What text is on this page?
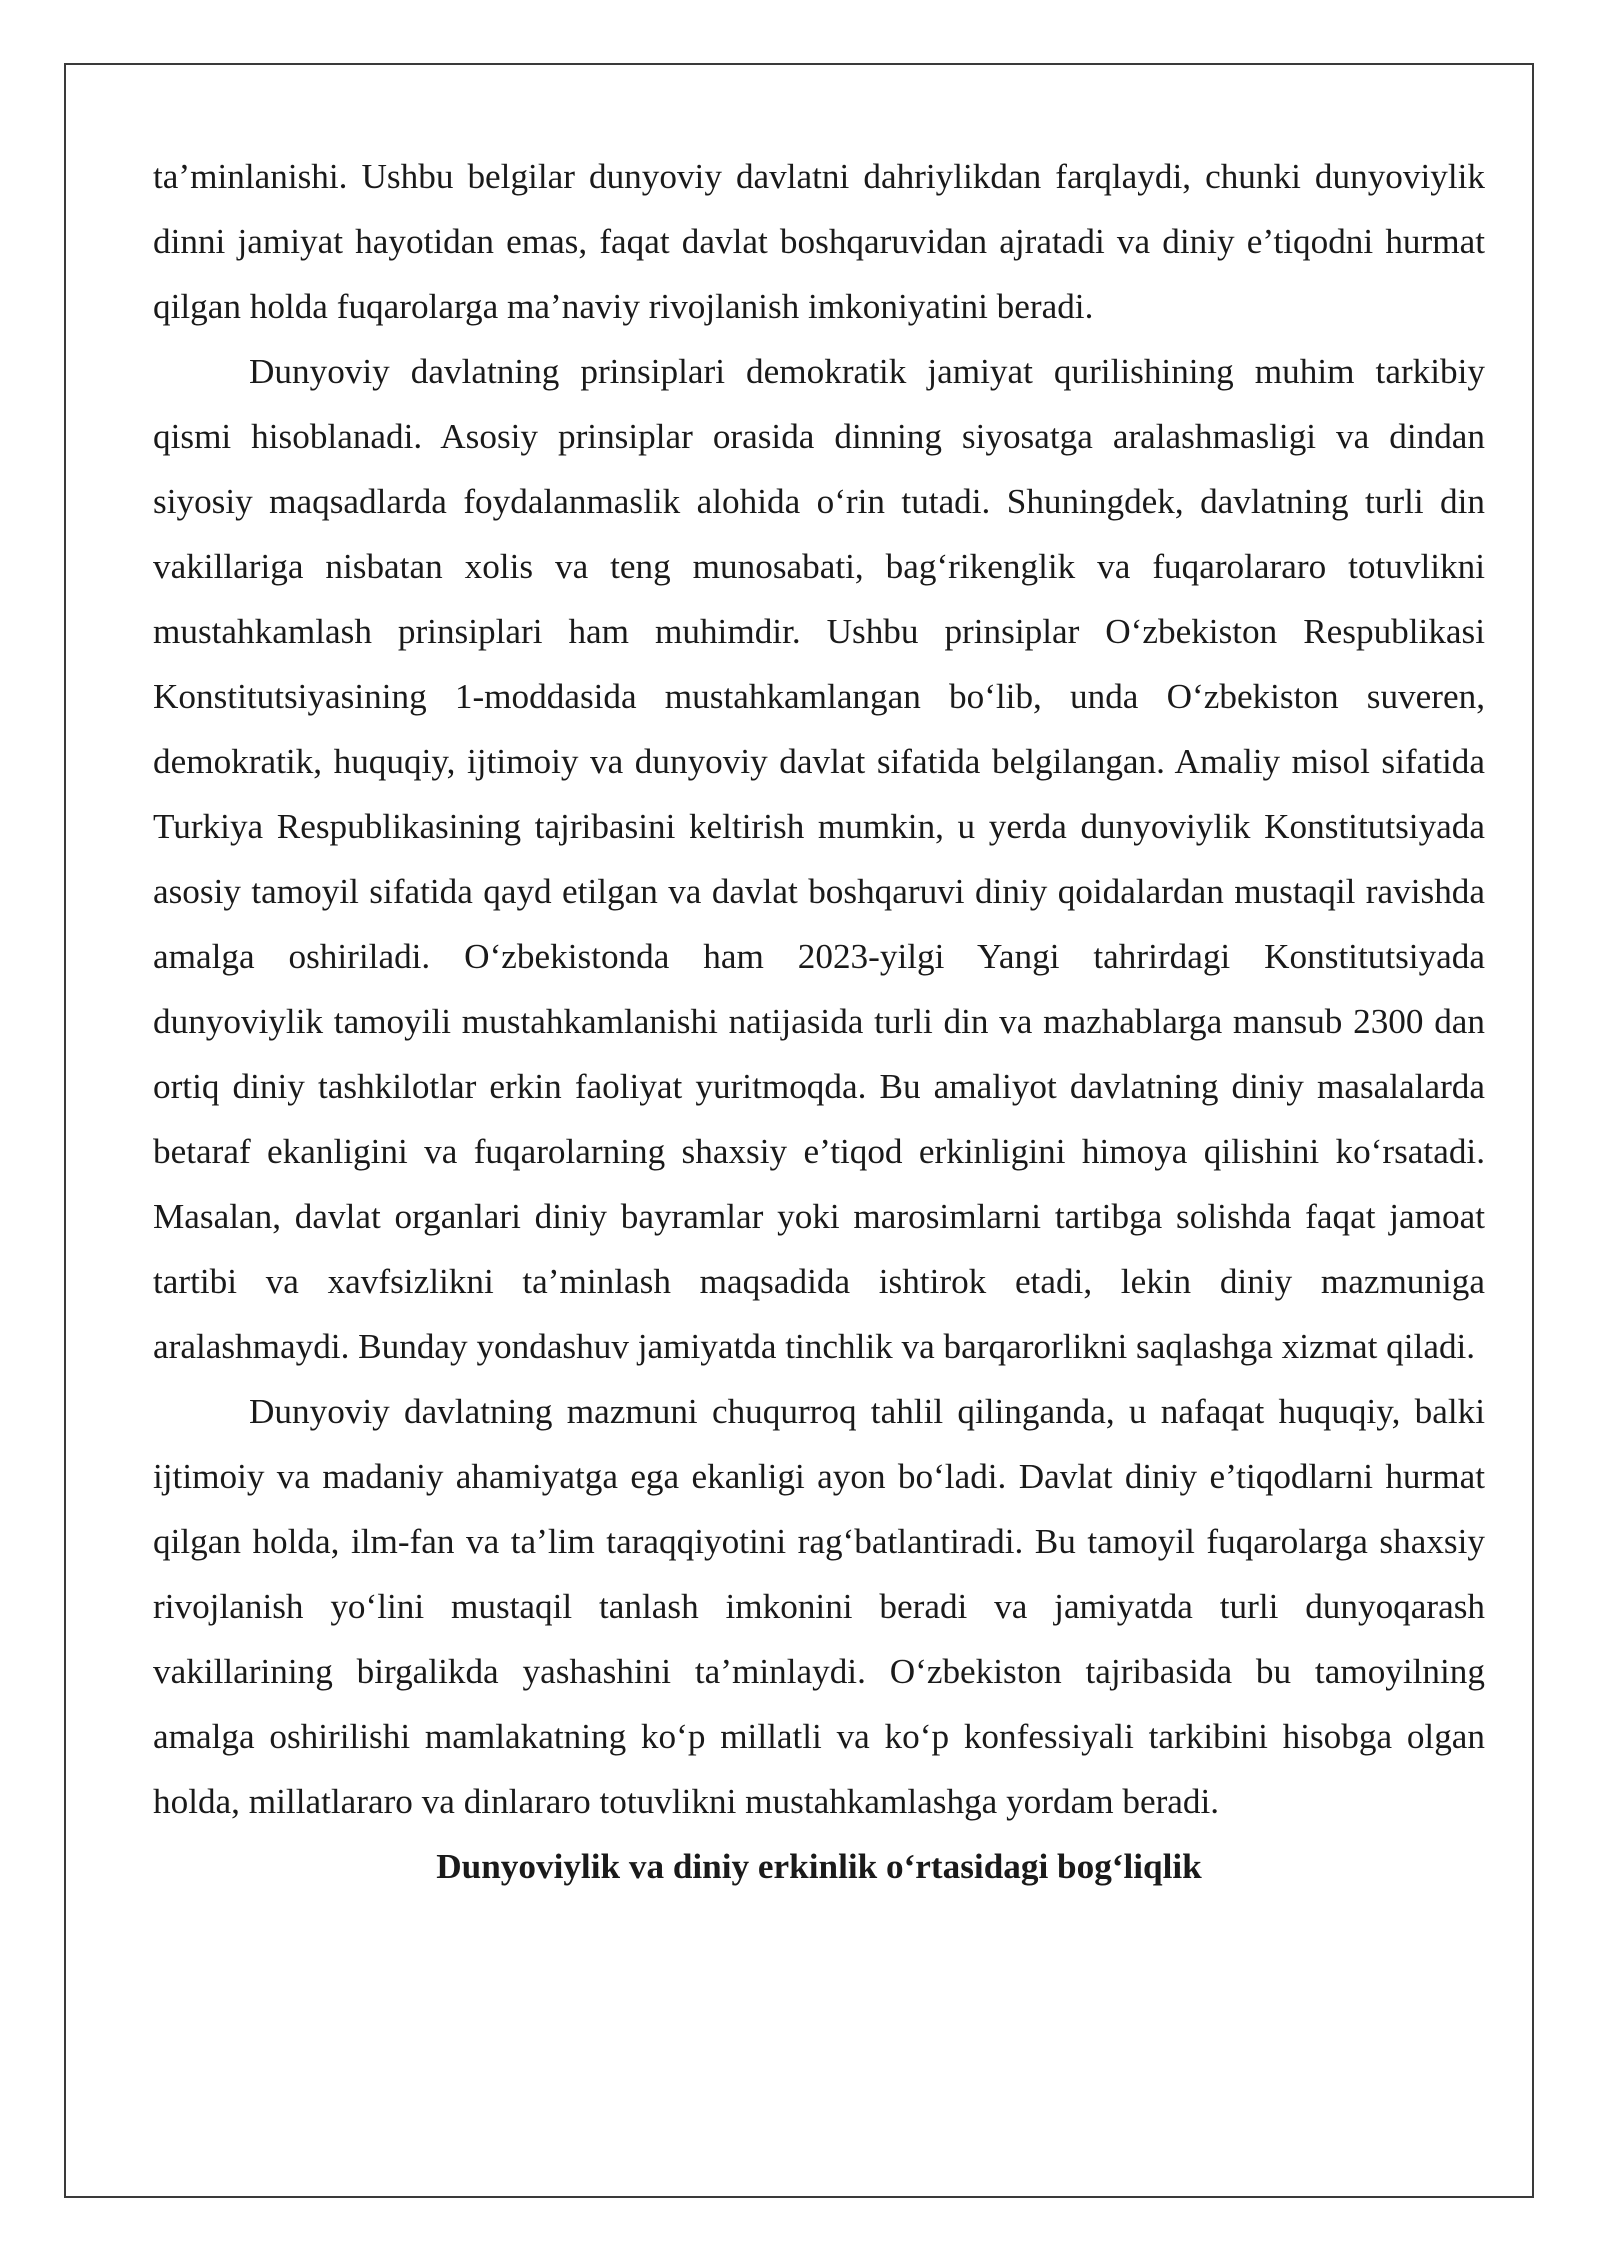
ta’minlanishi. Ushbu belgilar dunyoviy davlatni dahriylikdan farqlaydi, chunki dunyoviylik dinni jamiyat hayotidan emas, faqat davlat boshqaruvidan ajratadi va diniy e’tiqodni hurmat qilgan holda fuqarolarga ma’naviy rivojlanish imkoniyatini beradi.

Dunyoviy davlatning prinsiplari demokratik jamiyat qurilishining muhim tarkibiy qismi hisoblanadi. Asosiy prinsiplar orasida dinning siyosatga aralashmasligi va dindan siyosiy maqsadlarda foydalanmaslik alohida oʻrin tutadi. Shuningdek, davlatning turli din vakillariga nisbatan xolis va teng munosabati, bagʻrikenglik va fuqarolararo totuvlikni mustahkamlash prinsiplari ham muhimdir. Ushbu prinsiplar Oʻzbekiston Respublikasi Konstitutsiyasining 1-moddasida mustahkamlangan boʻlib, unda Oʻzbekiston suveren, demokratik, huquqiy, ijtimoiy va dunyoviy davlat sifatida belgilangan. Amaliy misol sifatida Turkiya Respublikasining tajribasini keltirish mumkin, u yerda dunyoviylik Konstitutsiyada asosiy tamoyil sifatida qayd etilgan va davlat boshqaruvi diniy qoidalardan mustaqil ravishda amalga oshiriladi. Oʻzbekistonda ham 2023-yilgi Yangi tahrirdagi Konstitutsiyada dunyoviylik tamoyili mustahkamlanishi natijasida turli din va mazhablarga mansub 2300 dan ortiq diniy tashkilotlar erkin faoliyat yuritmoqda. Bu amaliyot davlatning diniy masalalarda betaraf ekanligini va fuqarolarning shaxsiy e’tiqod erkinligini himoya qilishini koʻrsatadi. Masalan, davlat organlari diniy bayramlar yoki marosimlarni tartibga solishda faqat jamoat tartibi va xavfsizlikni ta’minlash maqsadida ishtirok etadi, lekin diniy mazmuniga aralashmaydi. Bunday yondashuv jamiyatda tinchlik va barqarorlikni saqlashga xizmat qiladi.

Dunyoviy davlatning mazmuni chuqurroq tahlil qilinganda, u nafaqat huquqiy, balki ijtimoiy va madaniy ahamiyatga ega ekanligi ayon boʻladi. Davlat diniy e’tiqodlarni hurmat qilgan holda, ilm-fan va ta’lim taraqqiyotini ragʻbatlantiradi. Bu tamoyil fuqarolarga shaxsiy rivojlanish yoʻlini mustaqil tanlash imkonini beradi va jamiyatda turli dunyoqarash vakillarining birgalikda yashashini ta’minlaydi. Oʻzbekiston tajribasida bu tamoyilning amalga oshirilishi mamlakatning koʻp millatli va koʻp konfessiyali tarkibini hisobga olgan holda, millatlararo va dinlararo totuvlikni mustahkamlashga yordam beradi.

Dunyoviylik va diniy erkinlik oʻrtasidagi bogʻliqlik
